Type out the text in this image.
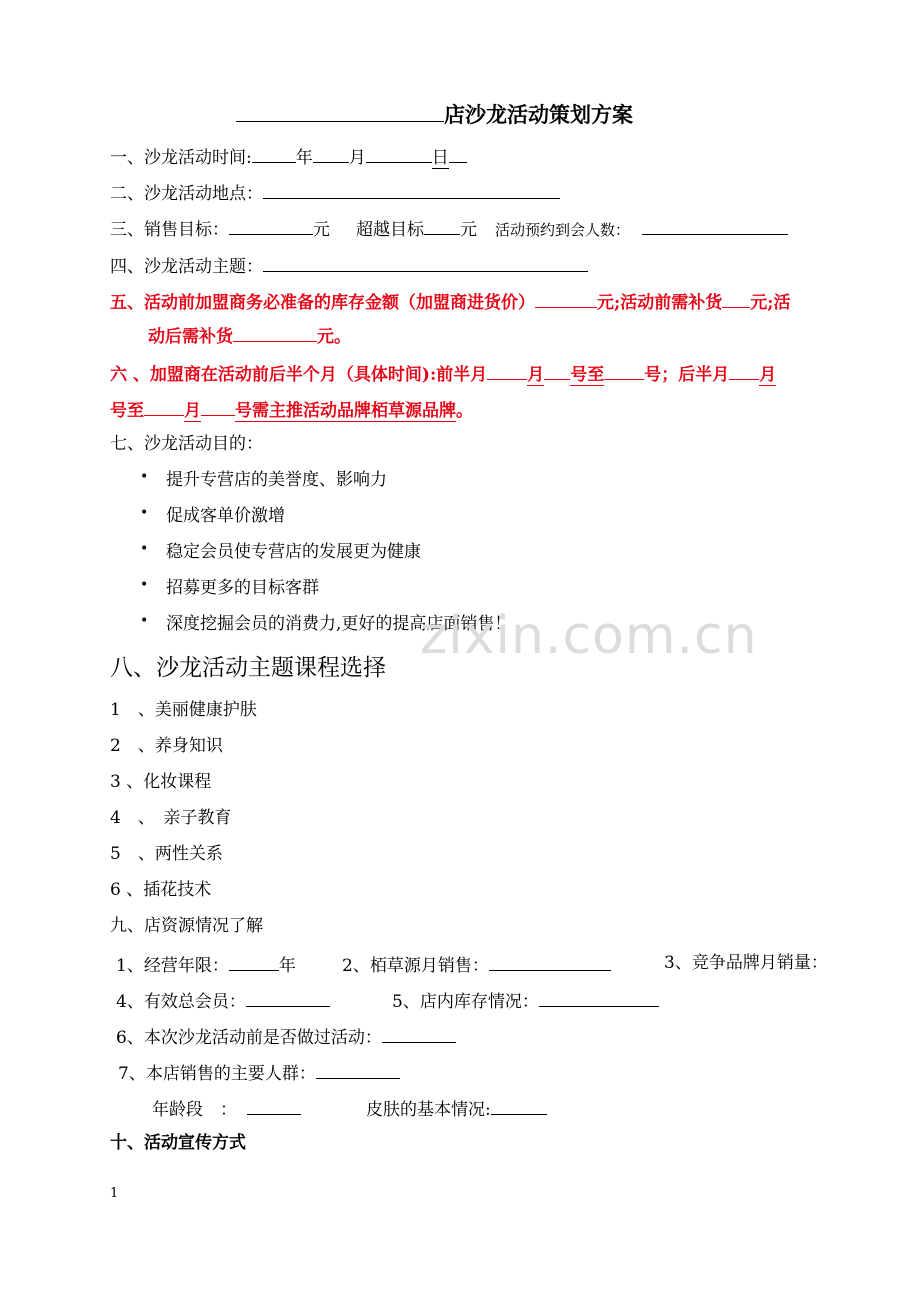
店沙龙活动策划方案
一、沙龙活动时间:	年 月	日
二、沙龙活动地点：
三、销售目标：	元 超越目标 元 活动预约到会人数：
四、沙龙活动主题：
五、活动前加盟商务必准备的库存金额（加盟商进货价）	元;活动前需补货 元;活
动后需补货	元。
六 、加盟商在活动前后半个月（具体时间):前半月 月 号至 号；后半月 月
号至 月 号需主推活动品牌栢草源品牌。
七、沙龙活动目的：
• 提升专营店的美誉度、影响力
• 促成客单价激增
• 稳定会员使专营店的发展更为健康
• 招募更多的目标客群
• 深度挖掘会员的消费力,更好的提高店面销售！
zixin.com.cn
八、沙龙活动主题课程选择
1　、美丽健康护肤
2　、养身知识
3 、化妆课程
4　、　亲子教育
5　、两性关系
6 、插花技术
九、店资源情况了解
1、经营年限：	年	2、栢草源月销售：	3、竞争品牌月销量：
4、有效总会员：	5、店内库存情况：
6、本次沙龙活动前是否做过活动：
7、本店销售的主要人群：
年龄段　：	皮肤的基本情况:
十、活动宣传方式
1
